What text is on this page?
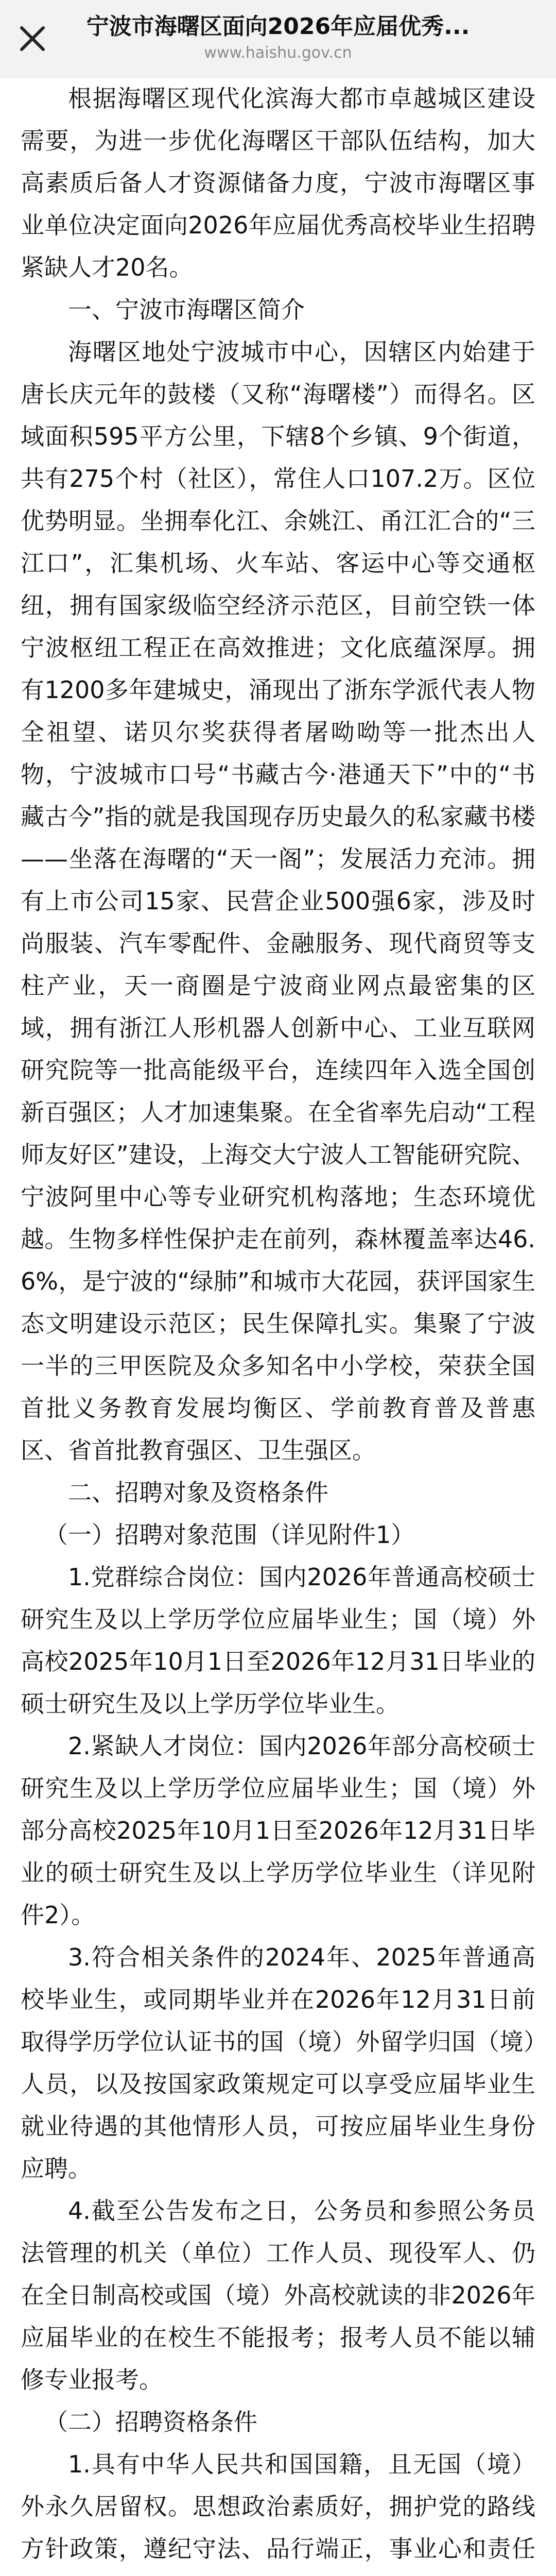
宁波市海曙区面向2026年应届优秀...
www.haishu.gov.cn

根据海曙区现代化滨海大都市卓越城区建设需要，为进一步优化海曙区干部队伍结构，加大高素质后备人才资源储备力度，宁波市海曙区事业单位决定面向2026年应届优秀高校毕业生招聘紧缺人才20名。

一、宁波市海曙区简介

海曙区地处宁波城市中心，因辖区内始建于唐长庆元年的鼓楼（又称“海曙楼”）而得名。区域面积595平方公里，下辖8个乡镇、9个街道，共有275个村（社区），常住人口107.2万。区位优势明显。坐拥奉化江、余姚江、甬江汇合的“三江口”，汇集机场、火车站、客运中心等交通枢纽，拥有国家级临空经济示范区，目前空铁一体宁波枢纽工程正在高效推进；文化底蕴深厚。拥有1200多年建城史，涌现出了浙东学派代表人物全祖望、诺贝尔奖获得者屠呦呦等一批杰出人物，宁波城市口号“书藏古今·港通天下”中的“书藏古今”指的就是我国现存历史最久的私家藏书楼——坐落在海曙的“天一阁”；发展活力充沛。拥有上市公司15家、民营企业500强6家，涉及时尚服装、汽车零配件、金融服务、现代商贸等支柱产业，天一商圈是宁波商业网点最密集的区域，拥有浙江人形机器人创新中心、工业互联网研究院等一批高能级平台，连续四年入选全国创新百强区；人才加速集聚。在全省率先启动“工程师友好区”建设，上海交大宁波人工智能研究院、宁波阿里中心等专业研究机构落地；生态环境优越。生物多样性保护走在前列，森林覆盖率达46.6%，是宁波的“绿肺”和城市大花园，获评国家生态文明建设示范区；民生保障扎实。集聚了宁波一半的三甲医院及众多知名中小学校，荣获全国首批义务教育发展均衡区、学前教育普及普惠区、省首批教育强区、卫生强区。

二、招聘对象及资格条件

（一）招聘对象范围（详见附件1）

1.党群综合岗位：国内2026年普通高校硕士研究生及以上学历学位应届毕业生；国（境）外高校2025年10月1日至2026年12月31日毕业的硕士研究生及以上学历学位毕业生。

2.紧缺人才岗位：国内2026年部分高校硕士研究生及以上学历学位应届毕业生；国（境）外部分高校2025年10月1日至2026年12月31日毕业的硕士研究生及以上学历学位毕业生（详见附件2）。

3.符合相关条件的2024年、2025年普通高校毕业生，或同期毕业并在2026年12月31日前取得学历学位认证书的国（境）外留学归国（境）人员，以及按国家政策规定可以享受应届毕业生就业待遇的其他情形人员，可按应届毕业生身份应聘。

4.截至公告发布之日，公务员和参照公务员法管理的机关（单位）工作人员、现役军人、仍在全日制高校或国（境）外高校就读的非2026年应届毕业的在校生不能报考；报考人员不能以辅修专业报考。

（二）招聘资格条件

1.具有中华人民共和国国籍，且无国（境）外永久居留权。思想政治素质好，拥护党的路线方针政策，遵纪守法、品行端正，事业心和责任
